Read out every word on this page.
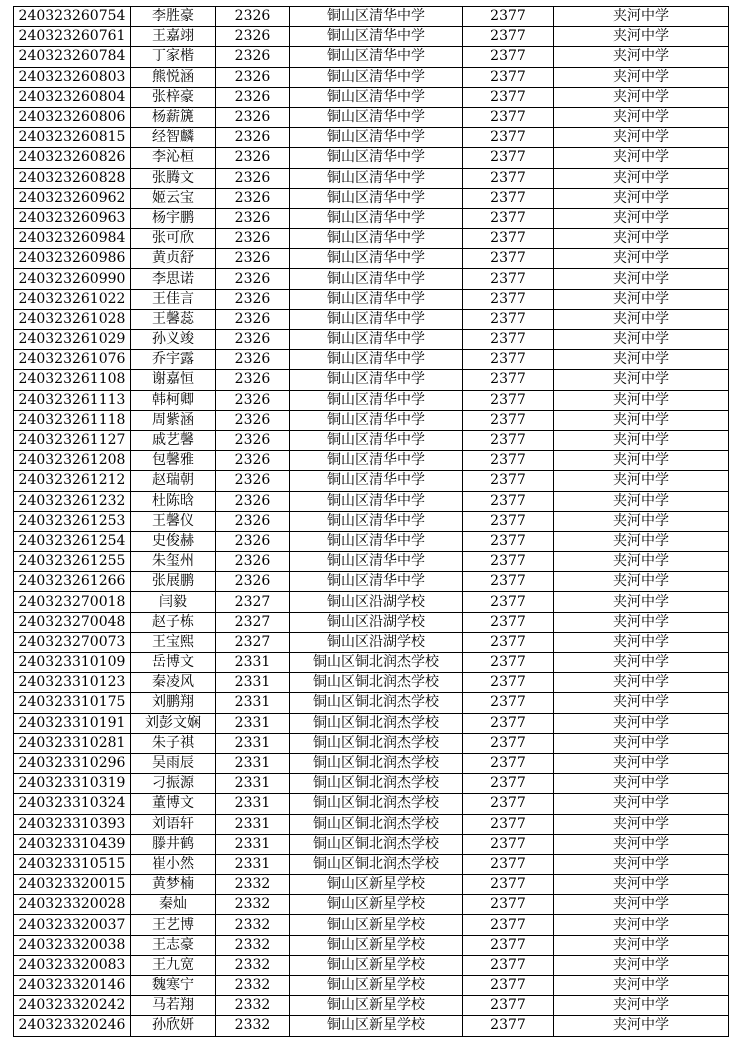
240323260754	李胜豪	2326	铜山区清华中学	2377	夹河中学
240323260761	王嘉翊	2326	铜山区清华中学	2377	夹河中学
240323260784	丁家楷	2326	铜山区清华中学	2377	夹河中学
240323260803	熊悦涵	2326	铜山区清华中学	2377	夹河中学
240323260804	张梓豪	2326	铜山区清华中学	2377	夹河中学
240323260806	杨薪篪	2326	铜山区清华中学	2377	夹河中学
240323260815	经智麟	2326	铜山区清华中学	2377	夹河中学
240323260826	李沁桓	2326	铜山区清华中学	2377	夹河中学
240323260828	张腾文	2326	铜山区清华中学	2377	夹河中学
240323260962	姬云宝	2326	铜山区清华中学	2377	夹河中学
240323260963	杨宇鹏	2326	铜山区清华中学	2377	夹河中学
240323260984	张可欣	2326	铜山区清华中学	2377	夹河中学
240323260986	黄贞舒	2326	铜山区清华中学	2377	夹河中学
240323260990	李思诺	2326	铜山区清华中学	2377	夹河中学
240323261022	王佳言	2326	铜山区清华中学	2377	夹河中学
240323261028	王馨蕊	2326	铜山区清华中学	2377	夹河中学
240323261029	孙义竣	2326	铜山区清华中学	2377	夹河中学
240323261076	乔宇露	2326	铜山区清华中学	2377	夹河中学
240323261108	谢嘉恒	2326	铜山区清华中学	2377	夹河中学
240323261113	韩柯卿	2326	铜山区清华中学	2377	夹河中学
240323261118	周紫涵	2326	铜山区清华中学	2377	夹河中学
240323261127	戚艺馨	2326	铜山区清华中学	2377	夹河中学
240323261208	包馨雅	2326	铜山区清华中学	2377	夹河中学
240323261212	赵瑞朝	2326	铜山区清华中学	2377	夹河中学
240323261232	杜陈晗	2326	铜山区清华中学	2377	夹河中学
240323261253	王馨仪	2326	铜山区清华中学	2377	夹河中学
240323261254	史俊赫	2326	铜山区清华中学	2377	夹河中学
240323261255	朱玺州	2326	铜山区清华中学	2377	夹河中学
240323261266	张展鹏	2326	铜山区清华中学	2377	夹河中学
240323270018	闫毅	2327	铜山区沿湖学校	2377	夹河中学
240323270048	赵子栋	2327	铜山区沿湖学校	2377	夹河中学
240323270073	王宝熙	2327	铜山区沿湖学校	2377	夹河中学
240323310109	岳博文	2331	铜山区铜北润杰学校	2377	夹河中学
240323310123	秦凌风	2331	铜山区铜北润杰学校	2377	夹河中学
240323310175	刘鹏翔	2331	铜山区铜北润杰学校	2377	夹河中学
240323310191	刘彭文娴	2331	铜山区铜北润杰学校	2377	夹河中学
240323310281	朱子祺	2331	铜山区铜北润杰学校	2377	夹河中学
240323310296	吴雨辰	2331	铜山区铜北润杰学校	2377	夹河中学
240323310319	刁振源	2331	铜山区铜北润杰学校	2377	夹河中学
240323310324	董博文	2331	铜山区铜北润杰学校	2377	夹河中学
240323310393	刘语轩	2331	铜山区铜北润杰学校	2377	夹河中学
240323310439	滕井鹤	2331	铜山区铜北润杰学校	2377	夹河中学
240323310515	崔小然	2331	铜山区铜北润杰学校	2377	夹河中学
240323320015	黄梦楠	2332	铜山区新星学校	2377	夹河中学
240323320028	秦灿	2332	铜山区新星学校	2377	夹河中学
240323320037	王艺博	2332	铜山区新星学校	2377	夹河中学
240323320038	王志豪	2332	铜山区新星学校	2377	夹河中学
240323320083	王九宽	2332	铜山区新星学校	2377	夹河中学
240323320146	魏寒宁	2332	铜山区新星学校	2377	夹河中学
240323320242	马若翔	2332	铜山区新星学校	2377	夹河中学
240323320246	孙欣妍	2332	铜山区新星学校	2377	夹河中学
